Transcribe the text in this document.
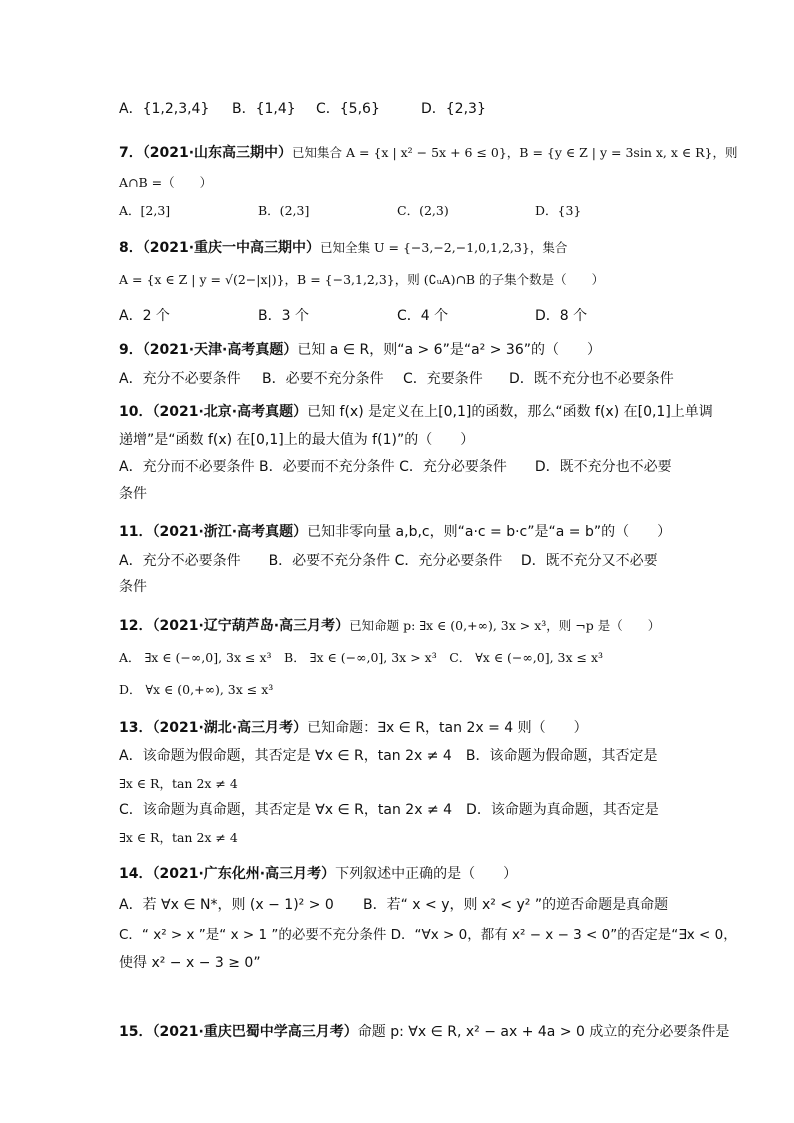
A．{1,2,3,4} B．{1,4} C．{5,6}	D．{2,3}
7．（2021·山东高三期中）已知集合 A = {x | x² − 5x + 6 ≤ 0}，B = {y ∈ Z | y = 3sin x, x ∈ R}，则
A∩B =（　　）
A．[2,3]	B．(2,3]	C．(2,3)	D．{3}
8．（2021·重庆一中高三期中）已知全集 U = {−3,−2,−1,0,1,2,3}，集合
A = {x ∈ Z | y = √(2−|x|)}，B = {−3,1,2,3}，则 (∁ᵤA)∩B 的子集个数是（　　）
A．2 个	B．3 个	C．4 个	D．8 个
9．（2021·天津·高考真题）已知 a ∈ R，则“a > 6”是“a² > 36”的（　　）
A．充分不必要条件 B．必要不充分条件 C．充要条件 D．既不充分也不必要条件
10．（2021·北京·高考真题）已知 f(x) 是定义在上[0,1]的函数，那么“函数 f(x) 在[0,1]上单调
递增”是“函数 f(x) 在[0,1]上的最大值为 f(1)”的（　　）
A．充分而不必要条件 B．必要而不充分条件 C．充分必要条件　　D．既不充分也不必要
条件
11．（2021·浙江·高考真题）已知非零向量 a,b,c，则“a·c = b·c”是“a = b”的（　　）
A．充分不必要条件　　B．必要不充分条件 C．充分必要条件　 D．既不充分又不必要
条件
12．（2021·辽宁葫芦岛·高三月考）已知命题 p: ∃x ∈ (0,+∞), 3x > x³，则 ¬p 是（　　）
A． ∃x ∈ (−∞,0], 3x ≤ x³　B． ∃x ∈ (−∞,0], 3x > x³　C． ∀x ∈ (−∞,0], 3x ≤ x³
D． ∀x ∈ (0,+∞), 3x ≤ x³
13．（2021·湖北·高三月考）已知命题：∃x ∈ R，tan 2x = 4 则（　　）
A．该命题为假命题，其否定是 ∀x ∈ R，tan 2x ≠ 4　B．该命题为假命题，其否定是
∃x ∈ R，tan 2x ≠ 4
C．该命题为真命题，其否定是 ∀x ∈ R，tan 2x ≠ 4　D．该命题为真命题，其否定是
∃x ∈ R，tan 2x ≠ 4
14．（2021·广东化州·高三月考）下列叙述中正确的是（　　）
A．若 ∀x ∈ N*，则 (x − 1)² > 0 B．若“ x < y，则 x² < y² ”的逆否命题是真命题
C．“ x² > x ”是“ x > 1 ”的必要不充分条件 D．“∀x > 0，都有 x² − x − 3 < 0”的否定是“∃x < 0，
使得 x² − x − 3 ≥ 0”
15．（2021·重庆巴蜀中学高三月考）命题 p: ∀x ∈ R, x² − ax + 4a > 0 成立的充分必要条件是
